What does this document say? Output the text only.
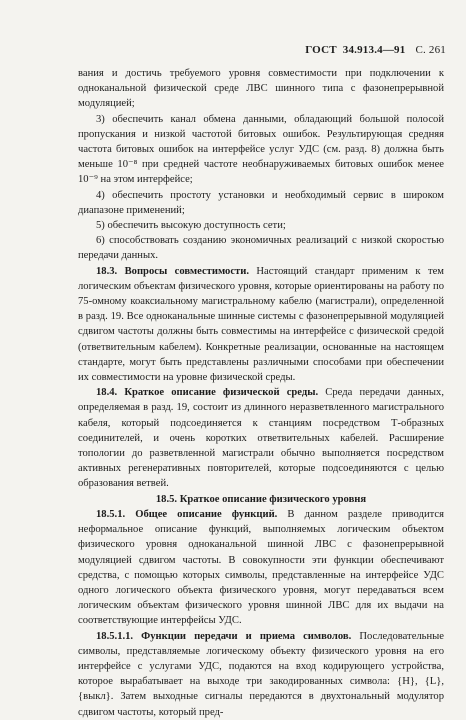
ГОСТ 34.913.4—91 С. 261

вания и достичь требуемого уровня совместимости при подключении к одноканальной физической среде ЛВС шинного типа с фазонепрерывной модуляцией;

3) обеспечить канал обмена данными, обладающий большой полосой пропускания и низкой частотой битовых ошибок. Результирующая средняя частота битовых ошибок на интерфейсе услуг УДС (см. разд. 8) должна быть меньше 10⁻⁸ при средней частоте необнаруживаемых битовых ошибок менее 10⁻⁹ на этом интерфейсе;

4) обеспечить простоту установки и необходимый сервис в широком диапазоне применений;

5) обеспечить высокую доступность сети;

6) способствовать созданию экономичных реализаций с низкой скоростью передачи данных.

18.3. Вопросы совместимости. Настоящий стандарт применим к тем логическим объектам физического уровня, которые ориентированы на работу по 75-омному коаксиальному магистральному кабелю (магистрали), определенной в разд. 19. Все одноканальные шинные системы с фазонепрерывной модуляцией сдвигом частоты должны быть совместимы на интерфейсе с физической средой (ответвительным кабелем). Конкретные реализации, основанные на настоящем стандарте, могут быть представлены различными способами при обеспечении их совместимости на уровне физической среды.

18.4. Краткое описание физической среды. Среда передачи данных, определяемая в разд. 19, состоит из длинного неразветвленного магистрального кабеля, который подсоединяется к станциям посредством Т-образных соединителей, и очень коротких ответвительных кабелей. Расширение топологии до разветвленной магистрали обычно выполняется посредством активных регенеративных повторителей, которые подсоединяются с целью образования ветвей.

18.5. Краткое описание физического уровня

18.5.1. Общее описание функций. В данном разделе приводится неформальное описание функций, выполняемых логическим объектом физического уровня одноканальной шинной ЛВС с фазонепрерывной модуляцией сдвигом частоты. В совокупности эти функции обеспечивают средства, с помощью которых символы, представленные на интерфейсе УДС одного логического объекта физического уровня, могут передаваться всем логическим объектам физического уровня шинной ЛВС для их выдачи на соответствующие интерфейсы УДС.

18.5.1.1. Функции передачи и приема символов. Последовательные символы, представляемые логическому объекту физического уровня на его интерфейсе с услугами УДС, подаются на вход кодирующего устройства, которое вырабатывает на выходе три закодированных символа: {H}, {L}, {выкл}. Затем выходные сигналы передаются в двухтональный модулятор сдвигом частоты, который пред-
